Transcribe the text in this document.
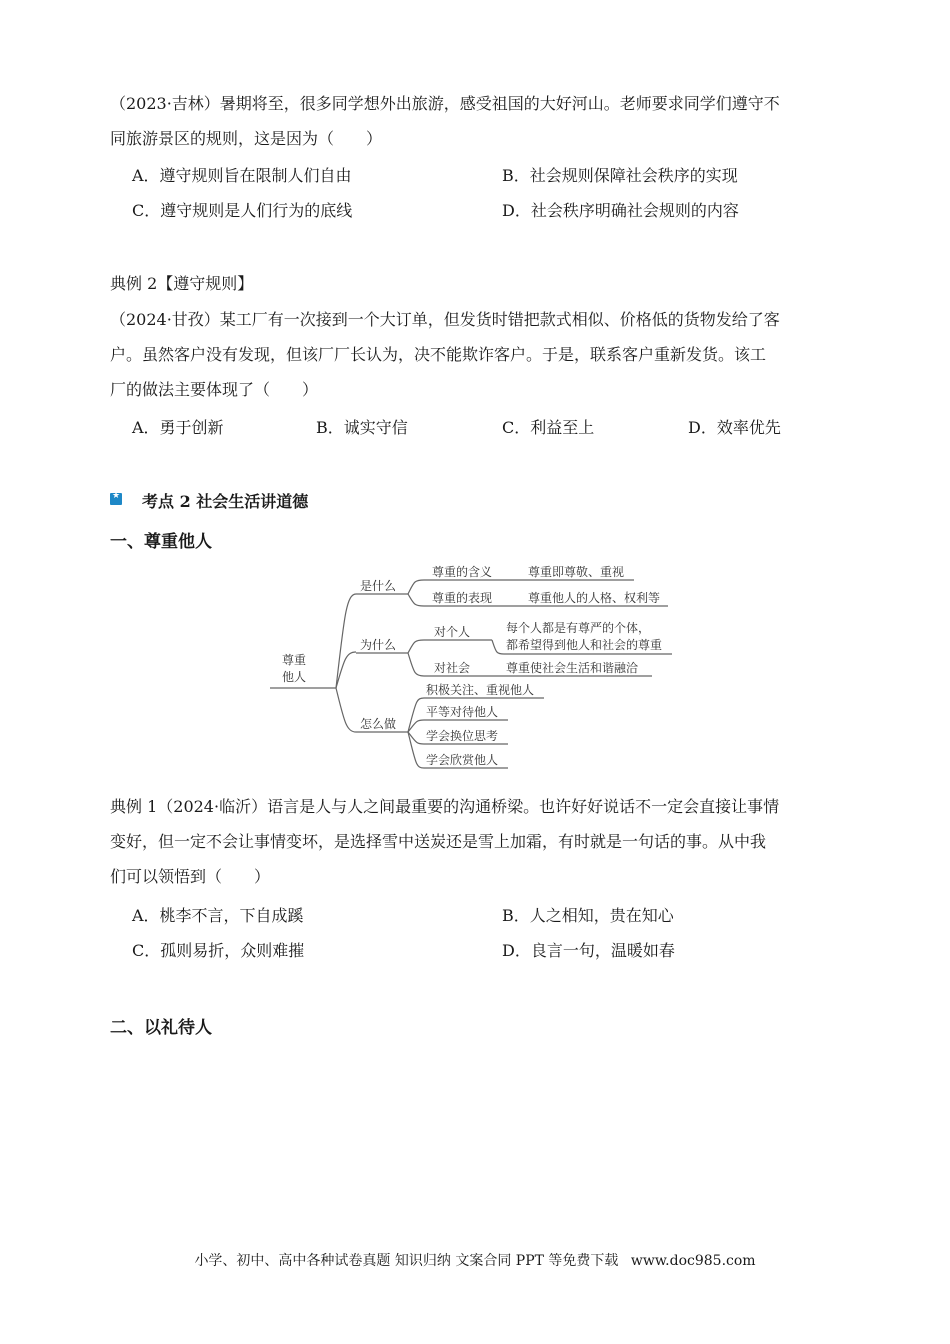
（2023·吉林）暑期将至，很多同学想外出旅游，感受祖国的大好河山。老师要求同学们遵守不
同旅游景区的规则，这是因为（　　）
A．遵守规则旨在限制人们自由	B．社会规则保障社会秩序的实现
C．遵守规则是人们行为的底线	D．社会秩序明确社会规则的内容
典例 2【遵守规则】
（2024·甘孜）某工厂有一次接到一个大订单，但发货时错把款式相似、价格低的货物发给了客
户。虽然客户没有发现，但该厂厂长认为，决不能欺诈客户。于是，联系客户重新发货。该工
厂的做法主要体现了（　　）
A．勇于创新	B．诚实守信	C．利益至上	D．效率优先
★
考点 2 社会生活讲道德
一、尊重他人
尊重
他人
是什么
尊重的含义	尊重即尊敬、重视
尊重的表现	尊重他人的人格、权利等
为什么
对个人	每个人都是有尊严的个体，
都希望得到他人和社会的尊重
对社会	尊重使社会生活和谐融洽
怎么做
积极关注、重视他人
平等对待他人
学会换位思考
学会欣赏他人
典例 1（2024·临沂）语言是人与人之间最重要的沟通桥梁。也许好好说话不一定会直接让事情
变好，但一定不会让事情变坏，是选择雪中送炭还是雪上加霜，有时就是一句话的事。从中我
们可以领悟到（　　）
A．桃李不言，下自成蹊	B．人之相知，贵在知心
C．孤则易折，众则难摧	D．良言一句，温暖如春
二、以礼待人
小学、初中、高中各种试卷真题 知识归纳 文案合同 PPT 等免费下载 www.doc985.com
